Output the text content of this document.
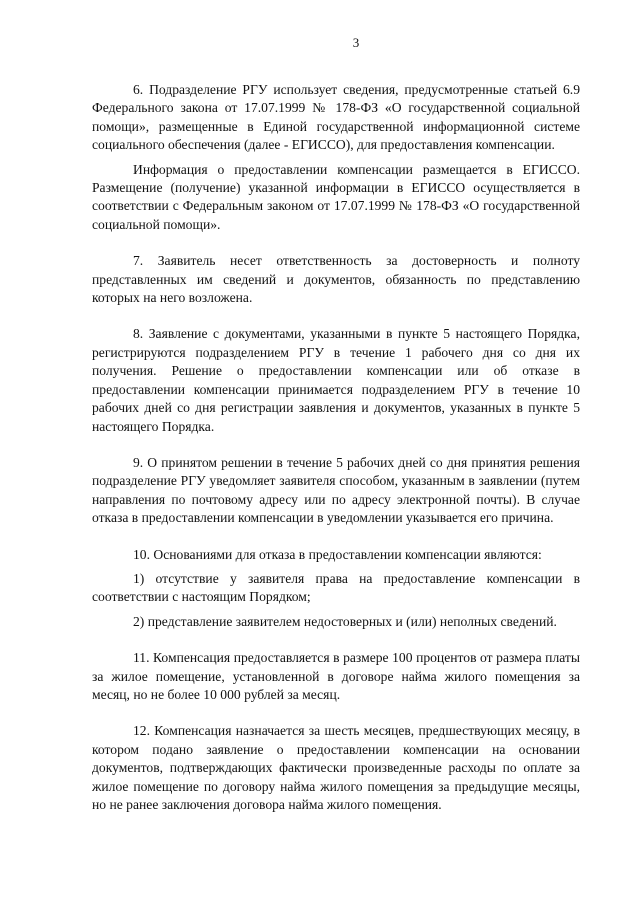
3

6. Подразделение РГУ использует сведения, предусмотренные статьей 6.9 Федерального закона от 17.07.1999 № 178-ФЗ «О государственной социальной помощи», размещенные в Единой государственной информационной системе социального обеспечения (далее - ЕГИССО), для предоставления компенсации.

Информация о предоставлении компенсации размещается в ЕГИССО. Размещение (получение) указанной информации в ЕГИССО осуществляется в соответствии с Федеральным законом от 17.07.1999 № 178-ФЗ «О государственной социальной помощи».

7. Заявитель несет ответственность за достоверность и полноту представленных им сведений и документов, обязанность по представлению которых на него возложена.

8. Заявление с документами, указанными в пункте 5 настоящего Порядка, регистрируются подразделением РГУ в течение 1 рабочего дня со дня их получения. Решение о предоставлении компенсации или об отказе в предоставлении компенсации принимается подразделением РГУ в течение 10 рабочих дней со дня регистрации заявления и документов, указанных в пункте 5 настоящего Порядка.

9. О принятом решении в течение 5 рабочих дней со дня принятия решения подразделение РГУ уведомляет заявителя способом, указанным в заявлении (путем направления по почтовому адресу или по адресу электронной почты). В случае отказа в предоставлении компенсации в уведомлении указывается его причина.

10. Основаниями для отказа в предоставлении компенсации являются:

1) отсутствие у заявителя права на предоставление компенсации в соответствии с настоящим Порядком;

2) представление заявителем недостоверных и (или) неполных сведений.

11. Компенсация предоставляется в размере 100 процентов от размера платы за жилое помещение, установленной в договоре найма жилого помещения за месяц, но не более 10 000 рублей за месяц.

12. Компенсация назначается за шесть месяцев, предшествующих месяцу, в котором подано заявление о предоставлении компенсации на основании документов, подтверждающих фактически произведенные расходы по оплате за жилое помещение по договору найма жилого помещения за предыдущие месяцы, но не ранее заключения договора найма жилого помещения.
